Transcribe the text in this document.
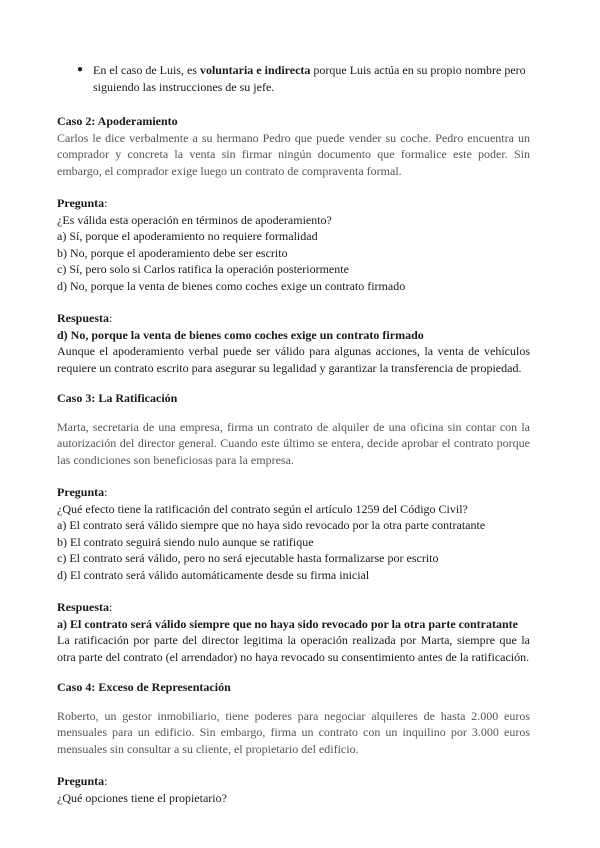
● En el caso de Luis, es voluntaria e indirecta porque Luis actúa en su propio nombre pero siguiendo las instrucciones de su jefe.

Caso 2: Apoderamiento

Carlos le dice verbalmente a su hermano Pedro que puede vender su coche. Pedro encuentra un comprador y concreta la venta sin firmar ningún documento que formalice este poder. Sin embargo, el comprador exige luego un contrato de compraventa formal.

Pregunta:

¿Es válida esta operación en términos de apoderamiento?

a) Sí, porque el apoderamiento no requiere formalidad

b) No, porque el apoderamiento debe ser escrito

c) Sí, pero solo si Carlos ratifica la operación posteriormente

d) No, porque la venta de bienes como coches exige un contrato firmado

Respuesta:

d) No, porque la venta de bienes como coches exige un contrato firmado

Aunque el apoderamiento verbal puede ser válido para algunas acciones, la venta de vehículos requiere un contrato escrito para asegurar su legalidad y garantizar la transferencia de propiedad.

Caso 3: La Ratificación

Marta, secretaria de una empresa, firma un contrato de alquiler de una oficina sin contar con la autorización del director general. Cuando este último se entera, decide aprobar el contrato porque las condiciones son beneficiosas para la empresa.

Pregunta:

¿Qué efecto tiene la ratificación del contrato según el artículo 1259 del Código Civil?

a) El contrato será válido siempre que no haya sido revocado por la otra parte contratante

b) El contrato seguirá siendo nulo aunque se ratifique

c) El contrato será válido, pero no será ejecutable hasta formalizarse por escrito

d) El contrato será válido automáticamente desde su firma inicial

Respuesta:

a) El contrato será válido siempre que no haya sido revocado por la otra parte contratante

La ratificación por parte del director legitima la operación realizada por Marta, siempre que la otra parte del contrato (el arrendador) no haya revocado su consentimiento antes de la ratificación.

Caso 4: Exceso de Representación

Roberto, un gestor inmobiliario, tiene poderes para negociar alquileres de hasta 2.000 euros mensuales para un edificio. Sin embargo, firma un contrato con un inquilino por 3.000 euros mensuales sin consultar a su cliente, el propietario del edificio.

Pregunta:

¿Qué opciones tiene el propietario?
